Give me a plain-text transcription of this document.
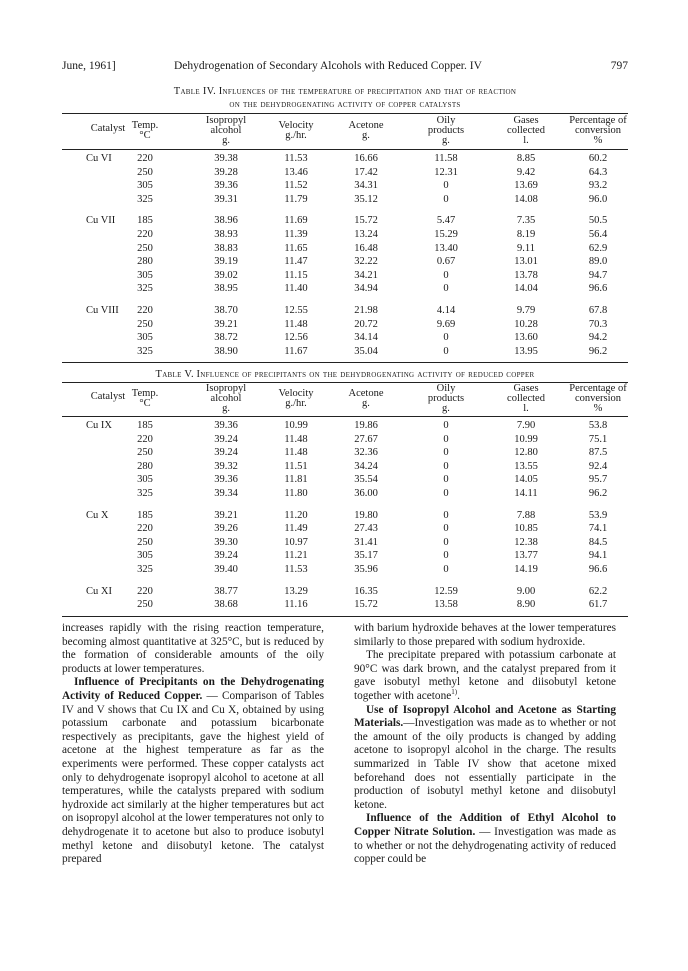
June, 1961]	Dehydrogenation of Secondary Alcohols with Reduced Copper. IV	797
Table IV. Influences of the temperature of precipitation and that of reaction
on the dehydrogenating activity of copper catalysts
Catalyst Temp.
°C
Isopropyl
alcohol
g.
Velocity
g./hr.
Acetone
g.
Oily
products
g.
Gases
collected
l.
Percentage of
conversion
%
Cu VI 220	39.38	11.53	16.66	11.58	8.85	60.2
250	39.28	13.46	17.42	12.31	9.42	64.3
305	39.36	11.52	34.31	0	13.69	93.2
325	39.31	11.79	35.12	0	14.08	96.0
Cu VII 185	38.96	11.69	15.72	5.47	7.35	50.5
220	38.93	11.39	13.24	15.29	8.19	56.4
250	38.83	11.65	16.48	13.40	9.11	62.9
280	39.19	11.47	32.22	0.67	13.01	89.0
305	39.02	11.15	34.21	0	13.78	94.7
325	38.95	11.40	34.94	0	14.04	96.6
Cu VIII 220	38.70	12.55	21.98	4.14	9.79	67.8
250	39.21	11.48	20.72	9.69	10.28	70.3
305	38.72	12.56	34.14	0	13.60	94.2
325	38.90	11.67	35.04	0	13.95	96.2
Table V. Influence of precipitants on the dehydrogenating activity of reduced copper
Catalyst Temp.
°C
Isopropyl
alcohol
g.
Velocity
g./hr.
Acetone
g.
Oily
products
g.
Gases
collected
l.
Percentage of
conversion
%
Cu IX 185	39.36	10.99	19.86	0	7.90	53.8
220	39.24	11.48	27.67	0	10.99	75.1
250	39.24	11.48	32.36	0	12.80	87.5
280	39.32	11.51	34.24	0	13.55	92.4
305	39.36	11.81	35.54	0	14.05	95.7
325	39.34	11.80	36.00	0	14.11	96.2
Cu X	185	39.21	11.20	19.80	0	7.88	53.9
220	39.26	11.49	27.43	0	10.85	74.1
250	39.30	10.97	31.41	0	12.38	84.5
305	39.24	11.21	35.17	0	13.77	94.1
325	39.40	11.53	35.96	0	14.19	96.6
Cu XI 220	38.77	13.29	16.35	12.59	9.00	62.2
250	38.68	11.16	15.72	13.58	8.90	61.7

increases rapidly with the rising reaction temperature, becoming almost quantitative at 325°C, but is reduced by the formation of considerable amounts of the oily products at lower temperatures.

Influence of Precipitants on the Dehydrogenating Activity of Reduced Copper. — Comparison of Tables IV and V shows that Cu IX and Cu X, obtained by using potassium carbonate and potassium bicarbonate respectively as precipitants, gave the highest yield of acetone at the highest temperature as far as the experiments were performed. These copper catalysts act only to dehydrogenate isopropyl alcohol to acetone at all temperatures, while the catalysts prepared with sodium hydroxide act similarly at the higher temperatures but act on isopropyl alcohol at the lower temperatures not only to dehydrogenate it to acetone but also to produce isobutyl methyl ketone and diisobutyl ketone. The catalyst prepared

with barium hydroxide behaves at the lower temperatures similarly to those prepared with sodium hydroxide.

The precipitate prepared with potassium carbonate at 90°C was dark brown, and the catalyst prepared from it gave isobutyl methyl ketone and diisobutyl ketone together with acetone$^{1)}$.

Use of Isopropyl Alcohol and Acetone as Starting Materials.—Investigation was made as to whether or not the amount of the oily products is changed by adding acetone to isopropyl alcohol in the charge. The results summarized in Table IV show that acetone mixed beforehand does not essentially participate in the production of isobutyl methyl ketone and diisobutyl ketone.

Influence of the Addition of Ethyl Alcohol to Copper Nitrate Solution. — Investigation was made as to whether or not the dehydrogenating activity of reduced copper could be
